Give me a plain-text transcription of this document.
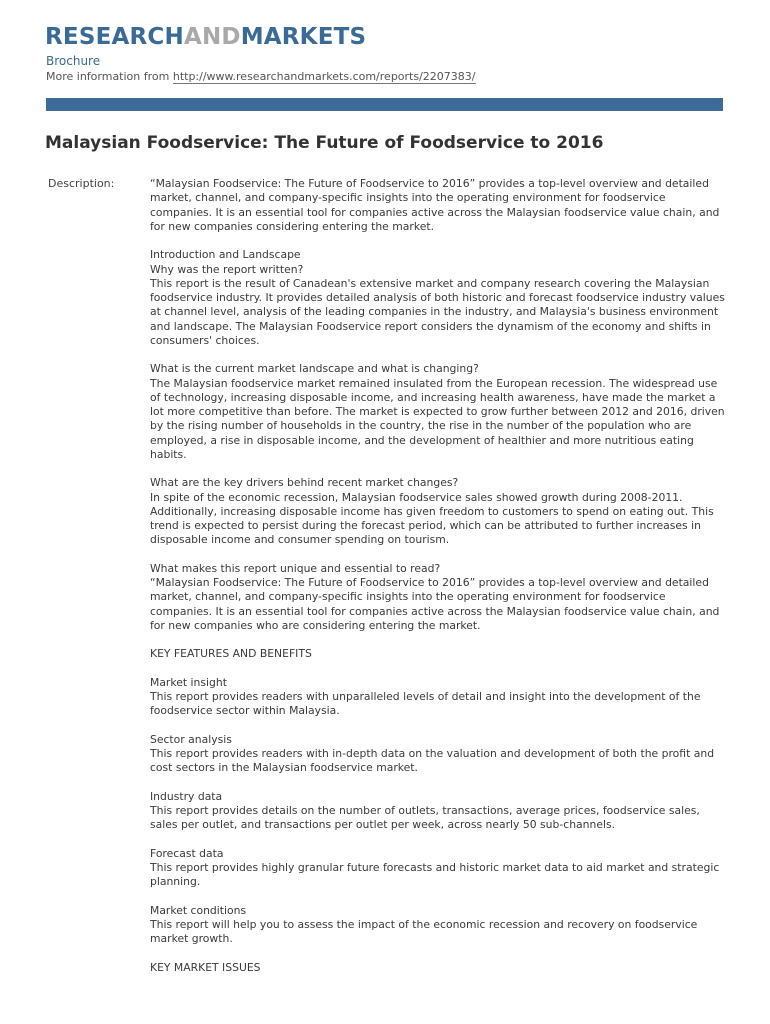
RESEARCHANDMARKETS
Brochure
More information from http://www.researchandmarkets.com/reports/2207383/
Malaysian Foodservice: The Future of Foodservice to 2016
Description:	“Malaysian Foodservice: The Future of Foodservice to 2016” provides a top-level overview and detailed market, channel, and company-specific insights into the operating environment for foodservice companies. It is an essential tool for companies active across the Malaysian foodservice value chain, and for new companies considering entering the market.

Introduction and Landscape
Why was the report written?
This report is the result of Canadean's extensive market and company research covering the Malaysian foodservice industry. It provides detailed analysis of both historic and forecast foodservice industry values at channel level, analysis of the leading companies in the industry, and Malaysia's business environment and landscape. The Malaysian Foodservice report considers the dynamism of the economy and shifts in consumers' choices.

What is the current market landscape and what is changing?
The Malaysian foodservice market remained insulated from the European recession. The widespread use of technology, increasing disposable income, and increasing health awareness, have made the market a lot more competitive than before. The market is expected to grow further between 2012 and 2016, driven by the rising number of households in the country, the rise in the number of the population who are employed, a rise in disposable income, and the development of healthier and more nutritious eating habits.

What are the key drivers behind recent market changes?
In spite of the economic recession, Malaysian foodservice sales showed growth during 2008-2011. Additionally, increasing disposable income has given freedom to customers to spend on eating out. This trend is expected to persist during the forecast period, which can be attributed to further increases in disposable income and consumer spending on tourism.

What makes this report unique and essential to read?
“Malaysian Foodservice: The Future of Foodservice to 2016” provides a top-level overview and detailed market, channel, and company-specific insights into the operating environment for foodservice companies. It is an essential tool for companies active across the Malaysian foodservice value chain, and for new companies who are considering entering the market.

KEY FEATURES AND BENEFITS

Market insight
This report provides readers with unparalleled levels of detail and insight into the development of the foodservice sector within Malaysia.

Sector analysis
This report provides readers with in-depth data on the valuation and development of both the profit and cost sectors in the Malaysian foodservice market.

Industry data
This report provides details on the number of outlets, transactions, average prices, foodservice sales, sales per outlet, and transactions per outlet per week, across nearly 50 sub-channels.

Forecast data
This report provides highly granular future forecasts and historic market data to aid market and strategic planning.

Market conditions
This report will help you to assess the impact of the economic recession and recovery on foodservice market growth.

KEY MARKET ISSUES
